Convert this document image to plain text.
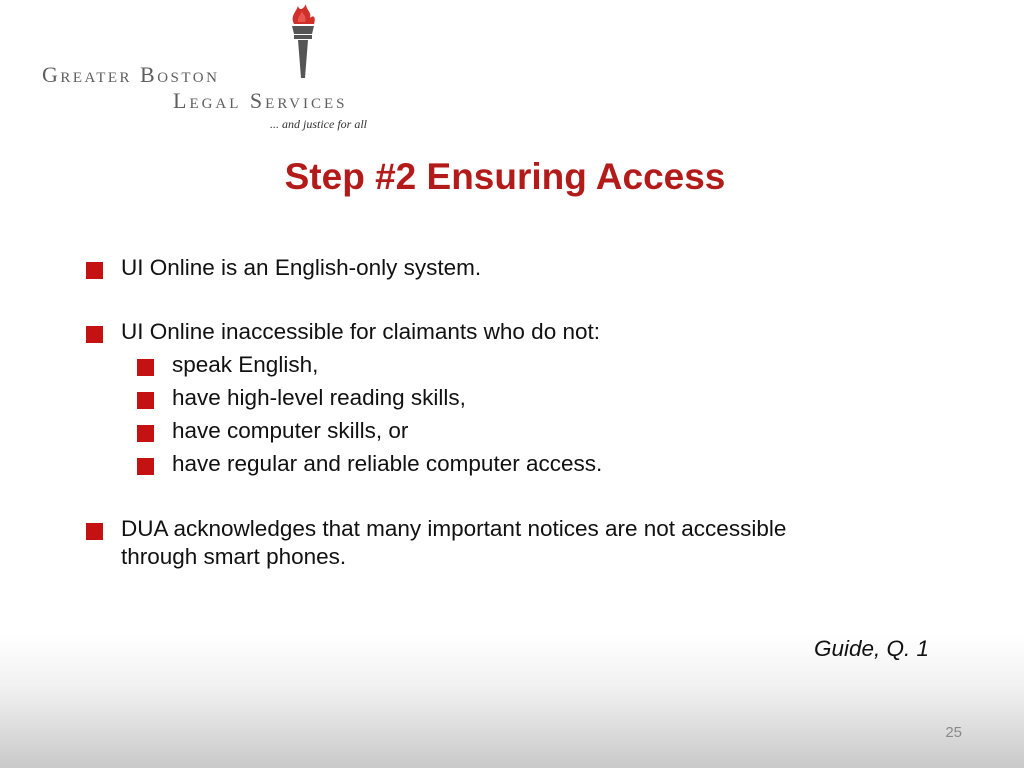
Greater Boston
Legal Services
... and justice for all
Step #2 Ensuring Access
UI Online is an English-only system.
UI Online inaccessible for claimants who do not:
speak English,
have high-level reading skills,
have computer skills, or
have regular and reliable computer access.
DUA acknowledges that many important notices are not accessible
through smart phones.
Guide, Q. 1
25
